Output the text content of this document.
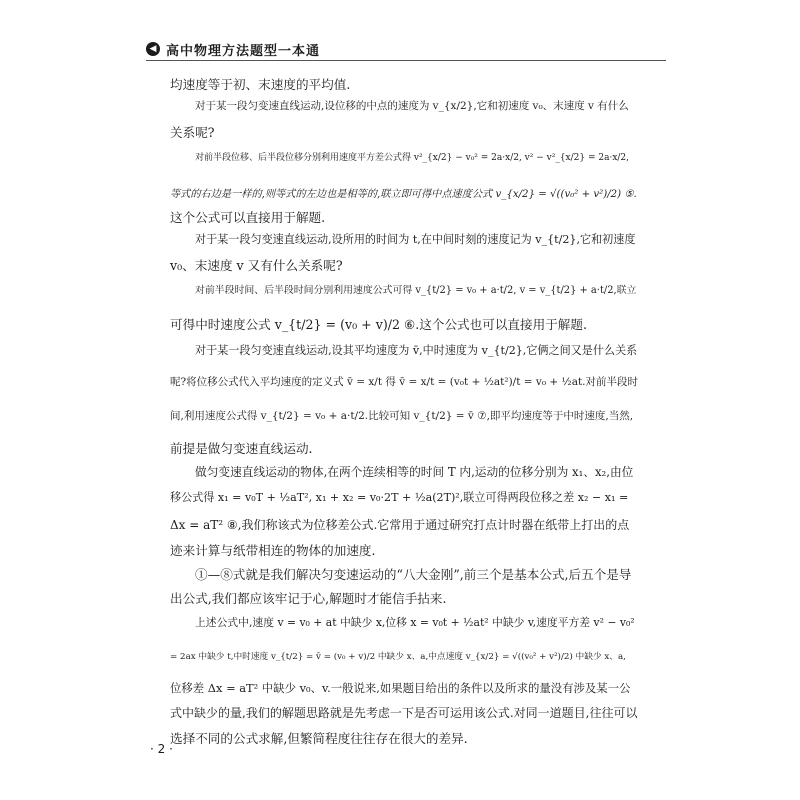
◀ 高中物理方法题型一本通
均速度等于初、末速度的平均值.
对于某一段匀变速直线运动,设位移的中点的速度为 v_{x/2},它和初速度 v₀、末速度 v 有什么
关系呢?
对前半段位移、后半段位移分别利用速度平方差公式得 v²_{x/2} − v₀² = 2a·x/2, v² − v²_{x/2} = 2a·x/2,
等式的右边是一样的,则等式的左边也是相等的,联立即可得中点速度公式 v_{x/2} = √((v₀² + v²)/2) ⑤.
这个公式可以直接用于解题.
对于某一段匀变速直线运动,设所用的时间为 t,在中间时刻的速度记为 v_{t/2},它和初速度
v₀、末速度 v 又有什么关系呢?
对前半段时间、后半段时间分别利用速度公式可得 v_{t/2} = v₀ + a·t/2, v = v_{t/2} + a·t/2,联立
可得中时速度公式 v_{t/2} = (v₀ + v)/2 ⑥.这个公式也可以直接用于解题.
对于某一段匀变速直线运动,设其平均速度为 v̄,中时速度为 v_{t/2},它俩之间又是什么关系
呢?将位移公式代入平均速度的定义式 v̄ = x/t 得 v̄ = x/t = (v₀t + ½at²)/t = v₀ + ½at.对前半段时
间,利用速度公式得 v_{t/2} = v₀ + a·t/2.比较可知 v_{t/2} = v̄ ⑦,即平均速度等于中时速度,当然,
前提是做匀变速直线运动.
做匀变速直线运动的物体,在两个连续相等的时间 T 内,运动的位移分别为 x₁、x₂,由位
移公式得 x₁ = v₀T + ½aT², x₁ + x₂ = v₀·2T + ½a(2T)²,联立可得两段位移之差 x₂ − x₁ =
Δx = aT² ⑧,我们称该式为位移差公式.它常用于通过研究打点计时器在纸带上打出的点
迹来计算与纸带相连的物体的加速度.
①—⑧式就是我们解决匀变速运动的“八大金刚”,前三个是基本公式,后五个是导
出公式,我们都应该牢记于心,解题时才能信手拈来.
上述公式中,速度 v = v₀ + at 中缺少 x,位移 x = v₀t + ½at² 中缺少 v,速度平方差 v² − v₀²
= 2ax 中缺少 t,中时速度 v_{t/2} = v̄ = (v₀ + v)/2 中缺少 x、a,中点速度 v_{x/2} = √((v₀² + v²)/2) 中缺少 x、a,
位移差 Δx = aT² 中缺少 v₀、v.一般说来,如果题目给出的条件以及所求的量没有涉及某一公
式中缺少的量,我们的解题思路就是先考虑一下是否可运用该公式.对同一道题目,往往可以
选择不同的公式求解,但繁简程度往往存在很大的差异.
· 2 ·
